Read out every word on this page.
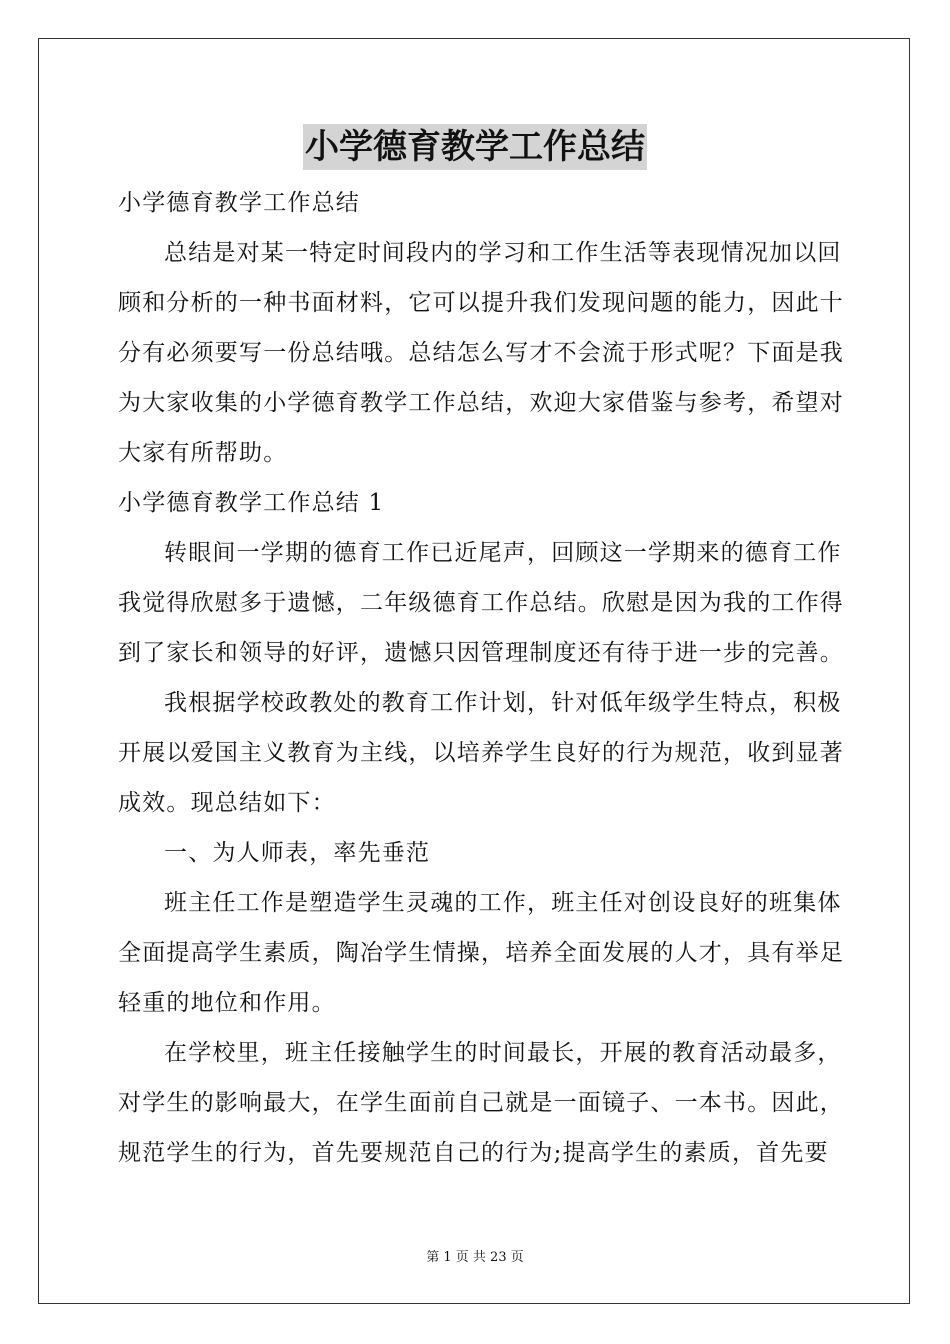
小学德育教学工作总结
小学德育教学工作总结
总结是对某一特定时间段内的学习和工作生活等表现情况加以回
顾和分析的一种书面材料，它可以提升我们发现问题的能力，因此十
分有必须要写一份总结哦。总结怎么写才不会流于形式呢？下面是我
为大家收集的小学德育教学工作总结，欢迎大家借鉴与参考，希望对
大家有所帮助。
小学德育教学工作总结 1
转眼间一学期的德育工作已近尾声，回顾这一学期来的德育工作
我觉得欣慰多于遗憾，二年级德育工作总结。欣慰是因为我的工作得
到了家长和领导的好评，遗憾只因管理制度还有待于进一步的完善。
我根据学校政教处的教育工作计划，针对低年级学生特点，积极
开展以爱国主义教育为主线，以培养学生良好的行为规范，收到显著
成效。现总结如下：
一、为人师表，率先垂范
班主任工作是塑造学生灵魂的工作，班主任对创设良好的班集体
全面提高学生素质，陶冶学生情操，培养全面发展的人才，具有举足
轻重的地位和作用。
在学校里，班主任接触学生的时间最长，开展的教育活动最多，
对学生的影响最大，在学生面前自己就是一面镜子、一本书。因此，
规范学生的行为，首先要规范自己的行为;提高学生的素质，首先要
第 1 页 共 23 页
